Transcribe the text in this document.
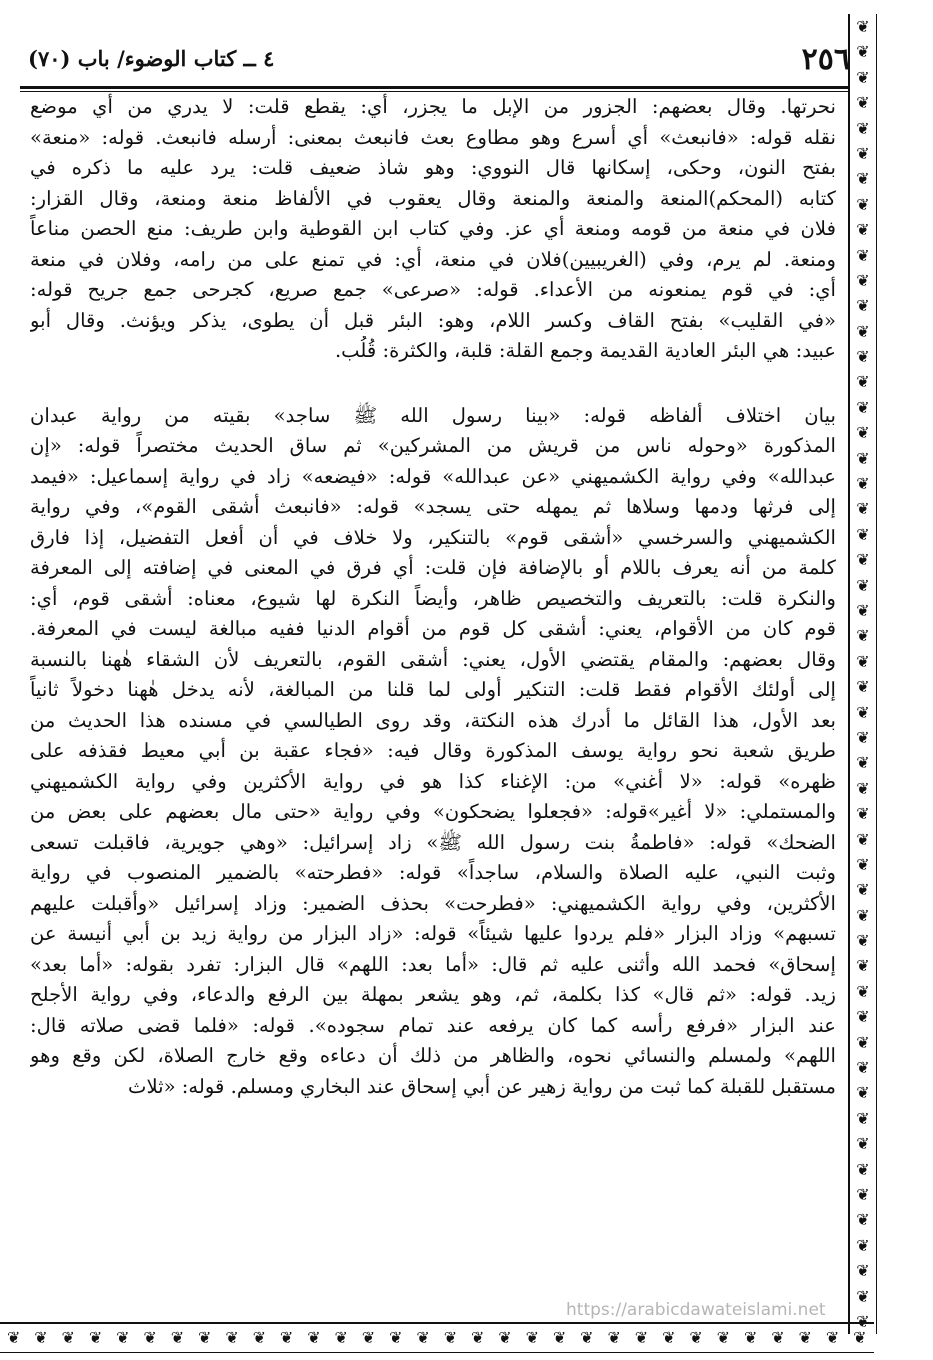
٢٥٦
٤ ــ كتاب الوضوء/ باب (٧٠)
❦
❦
❦
❦
❦
❦
❦
❦
❦
❦
❦
❦
❦
❦
❦
❦
❦
❦
❦
❦
❦
❦
❦
❦
❦
❦
❦
❦
❦
❦
❦
❦
❦
❦
❦
❦
❦
❦
❦
❦
❦
❦
❦
❦
❦
❦
❦
❦
❦
❦
❦
❦
❦ ❦ ❦ ❦ ❦ ❦ ❦ ❦ ❦ ❦ ❦ ❦ ❦ ❦ ❦ ❦ ❦ ❦ ❦ ❦ ❦ ❦ ❦ ❦ ❦ ❦ ❦ ❦ ❦ ❦ ❦ ❦
نحرتها. وقال بعضهم: الجزور من الإبل ما يجزر، أي: يقطع قلت: لا يدري من أي موضع
نقله قوله: «فانبعث» أي أسرع وهو مطاوع بعث فانبعث بمعنى: أرسله فانبعث. قوله: «منعة»
بفتح النون، وحكى، إسكانها قال النووي: وهو شاذ ضعيف قلت: يرد عليه ما ذكره في
كتابه (المحكم)المنعة والمنعة والمنعة وقال يعقوب في الألفاظ منعة ومنعة، وقال القزار:
فلان في منعة من قومه ومنعة أي عز. وفي كتاب ابن القوطية وابن طريف: منع الحصن مناعاً
ومنعة. لم يرم، وفي (الغريبيين)فلان في منعة، أي: في تمنع على من رامه، وفلان في منعة
أي: في قوم يمنعونه من الأعداء. قوله: «صرعى» جمع صريع، كجرحى جمع جريح قوله:
«في القليب» بفتح القاف وكسر اللام، وهو: البئر قبل أن يطوى، يذكر ويؤنث. وقال أبو
عبيد: هي البئر العادية القديمة وجمع القلة: قلبة، والكثرة: قُلُب.
بيان اختلاف ألفاظه قوله: «بينا رسول الله ﷺ ساجد» بقيته من رواية عبدان
المذكورة «وحوله ناس من قريش من المشركين» ثم ساق الحديث مختصراً قوله: «إن
عبدالله» وفي رواية الكشميهني «عن عبدالله» قوله: «فيضعه» زاد في رواية إسماعيل: «فيمد
إلى فرثها ودمها وسلاها ثم يمهله حتى يسجد» قوله: «فانبعث أشقى القوم»، وفي رواية
الكشميهني والسرخسي «أشقى قوم» بالتنكير، ولا خلاف في أن أفعل التفضيل، إذا فارق
كلمة من أنه يعرف باللام أو بالإضافة فإن قلت: أي فرق في المعنى في إضافته إلى المعرفة
والنكرة قلت: بالتعريف والتخصيص ظاهر، وأيضاً النكرة لها شيوع، معناه: أشقى قوم، أي:
قوم كان من الأقوام، يعني: أشقى كل قوم من أقوام الدنيا ففيه مبالغة ليست في المعرفة.
وقال بعضهم: والمقام يقتضي الأول، يعني: أشقى القوم، بالتعريف لأن الشقاء هٰهنا بالنسبة
إلى أولئك الأقوام فقط قلت: التنكير أولى لما قلنا من المبالغة، لأنه يدخل هٰهنا دخولاً ثانياً
بعد الأول، هذا القائل ما أدرك هذه النكتة، وقد روى الطيالسي في مسنده هذا الحديث من
طريق شعبة نحو رواية يوسف المذكورة وقال فيه: «فجاء عقبة بن أبي معيط فقذفه على
ظهره» قوله: «لا أغني» من: الإغناء كذا هو في رواية الأكثرين وفي رواية الكشميهني
والمستملي: «لا أغير»قوله: «فجعلوا يضحكون» وفي رواية «حتى مال بعضهم على بعض من
الضحك» قوله: «فاطمةُ بنت رسول الله ﷺ» زاد إسرائيل: «وهي جويرية، فاقبلت تسعى
وثبت النبي، عليه الصلاة والسلام، ساجداً» قوله: «فطرحته» بالضمير المنصوب في رواية
الأكثرين، وفي رواية الكشميهني: «فطرحت» بحذف الضمير: وزاد إسرائيل «وأقبلت عليهم
تسبهم» وزاد البزار «فلم يردوا عليها شيئاً» قوله: «زاد البزار من رواية زيد بن أبي أنيسة عن
إسحاق» فحمد الله وأثنى عليه ثم قال: «أما بعد: اللهم» قال البزار: تفرد بقوله: «أما بعد»
زيد. قوله: «ثم قال» كذا بكلمة، ثم، وهو يشعر بمهلة بين الرفع والدعاء، وفي رواية الأجلح
عند البزار «فرفع رأسه كما كان يرفعه عند تمام سجوده». قوله: «فلما قضى صلاته قال:
اللهم» ولمسلم والنسائي نحوه، والظاهر من ذلك أن دعاءه وقع خارج الصلاة، لكن وقع وهو
مستقبل للقبلة كما ثبت من رواية زهير عن أبي إسحاق عند البخاري ومسلم. قوله: «ثلاث
https://arabicdawateislami.net
